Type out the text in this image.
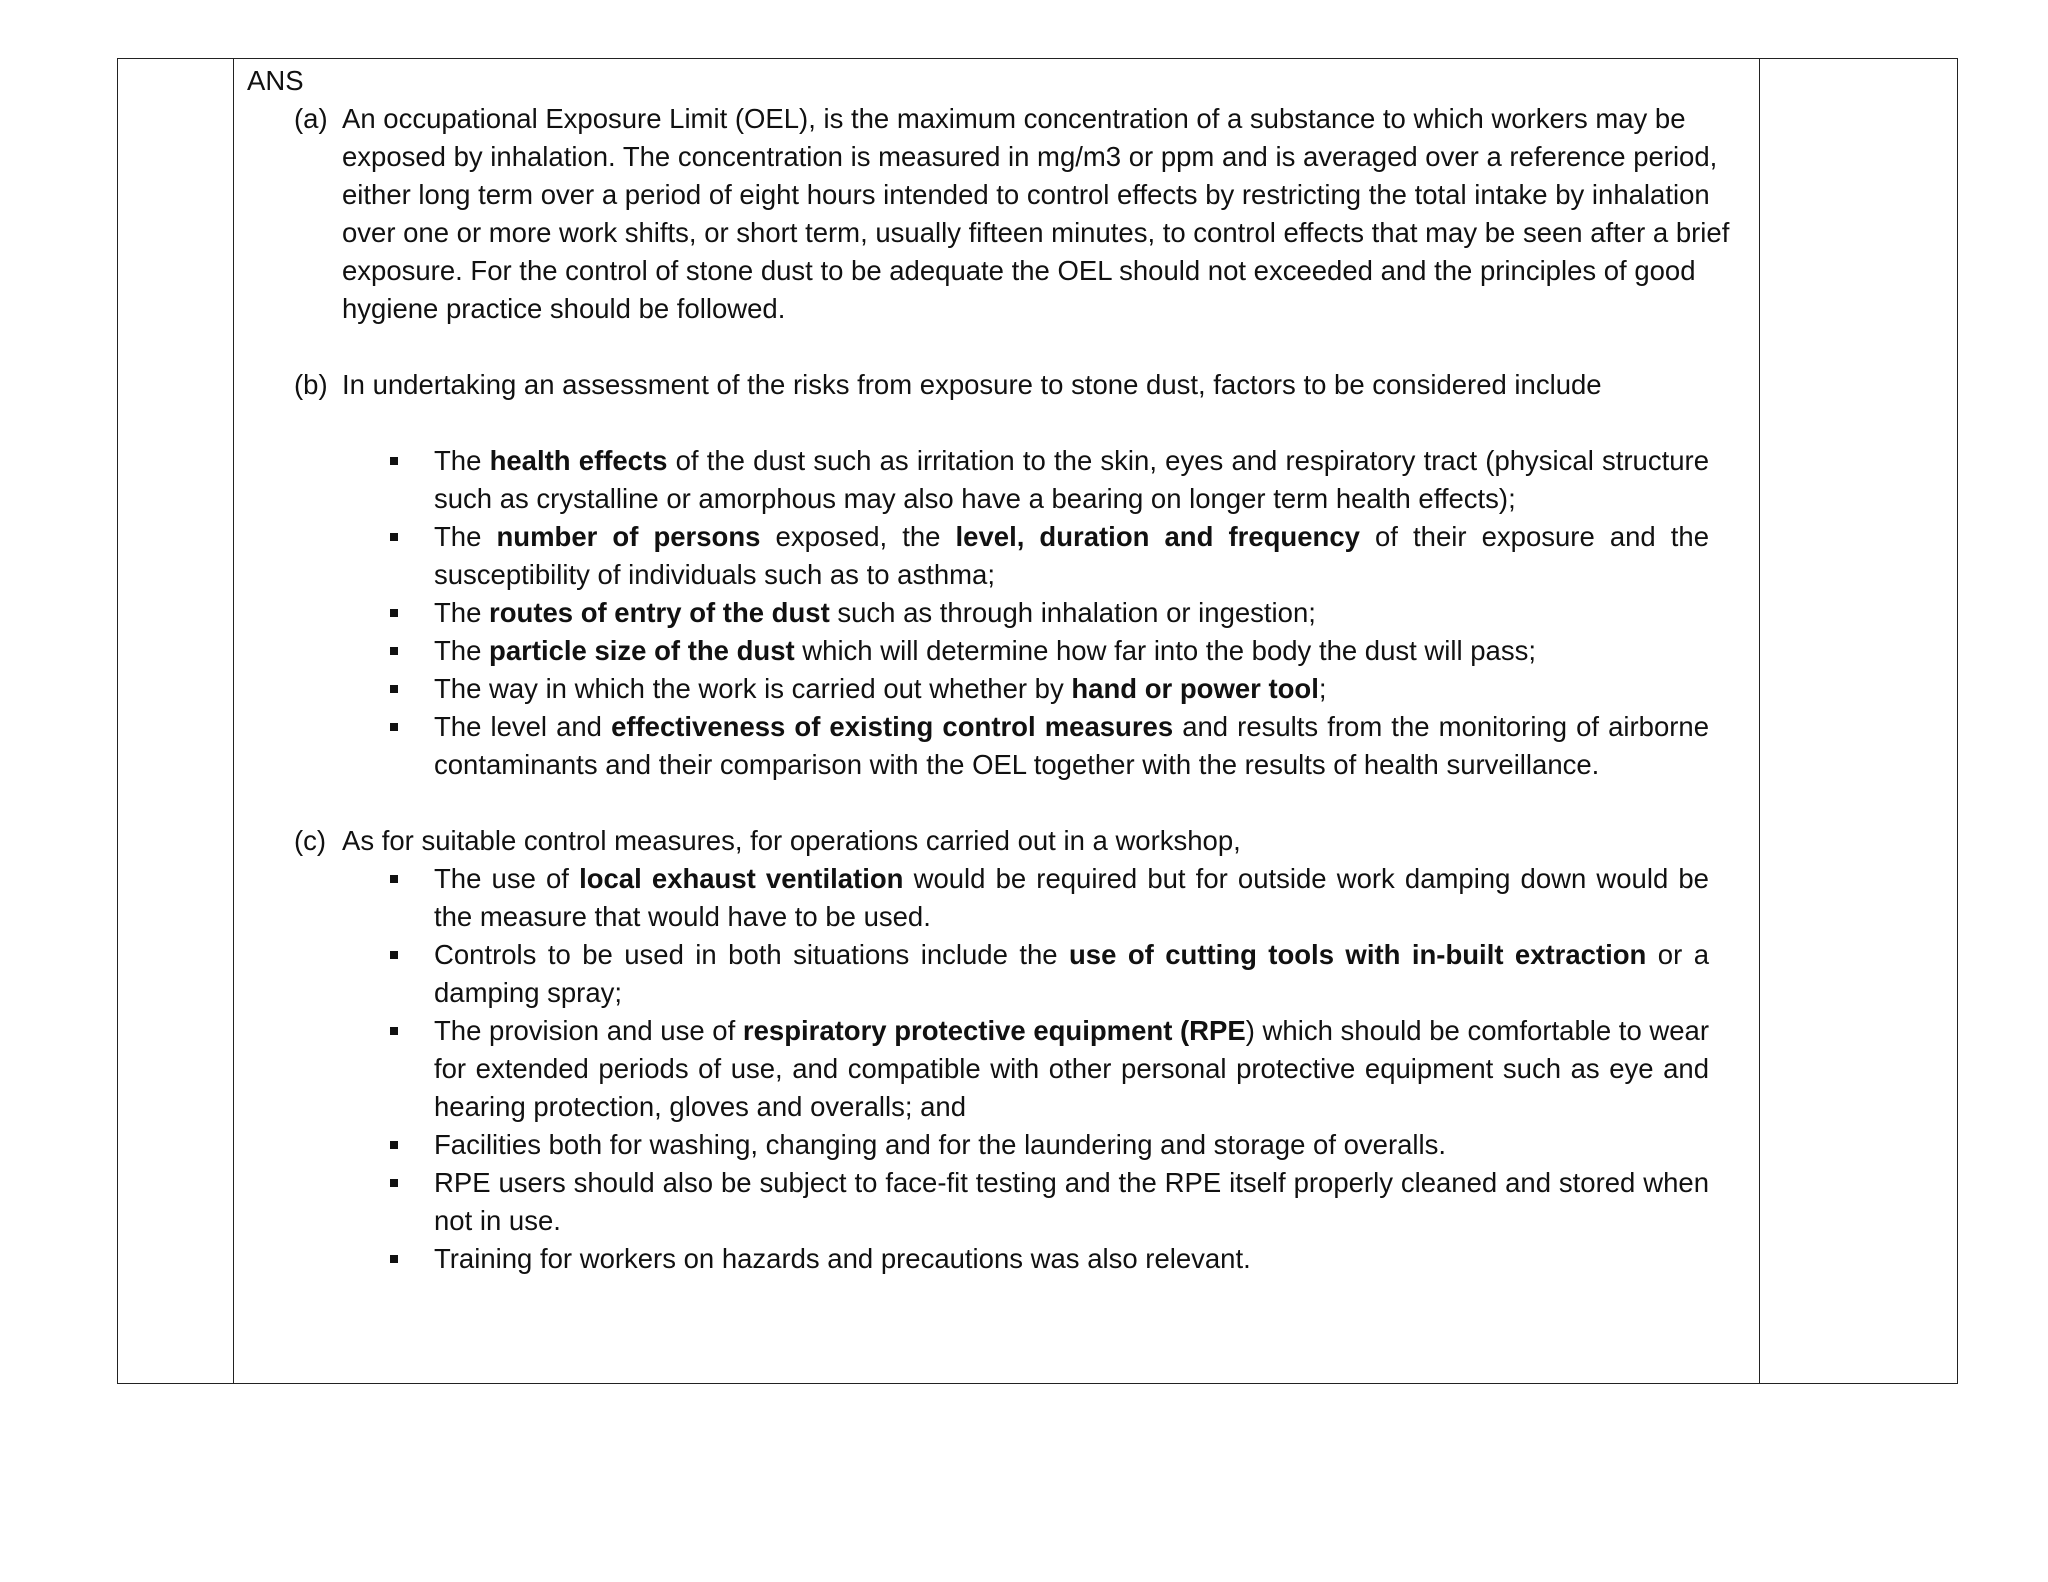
ANS

(a) An occupational Exposure Limit (OEL), is the maximum concentration of a substance to which workers may be exposed by inhalation. The concentration is measured in mg/m3 or ppm and is averaged over a reference period, either long term over a period of eight hours intended to control effects by restricting the total intake by inhalation over one or more work shifts, or short term, usually fifteen minutes, to control effects that may be seen after a brief exposure. For the control of stone dust to be adequate the OEL should not exceeded and the principles of good hygiene practice should be followed.
(b) In undertaking an assessment of the risks from exposure to stone dust, factors to be considered include
The health effects of the dust such as irritation to the skin, eyes and respiratory tract (physical structure such as crystalline or amorphous may also have a bearing on longer term health effects);
The number of persons exposed, the level, duration and frequency of their exposure and the susceptibility of individuals such as to asthma;
The routes of entry of the dust such as through inhalation or ingestion;
The particle size of the dust which will determine how far into the body the dust will pass;
The way in which the work is carried out whether by hand or power tool;
The level and effectiveness of existing control measures and results from the monitoring of airborne contaminants and their comparison with the OEL together with the results of health surveillance.
(c) As for suitable control measures, for operations carried out in a workshop,
The use of local exhaust ventilation would be required but for outside work damping down would be the measure that would have to be used.
Controls to be used in both situations include the use of cutting tools with in-built extraction or a damping spray;
The provision and use of respiratory protective equipment (RPE) which should be comfortable to wear for extended periods of use, and compatible with other personal protective equipment such as eye and hearing protection, gloves and overalls; and
Facilities both for washing, changing and for the laundering and storage of overalls.
RPE users should also be subject to face-fit testing and the RPE itself properly cleaned and stored when not in use.
Training for workers on hazards and precautions was also relevant.
